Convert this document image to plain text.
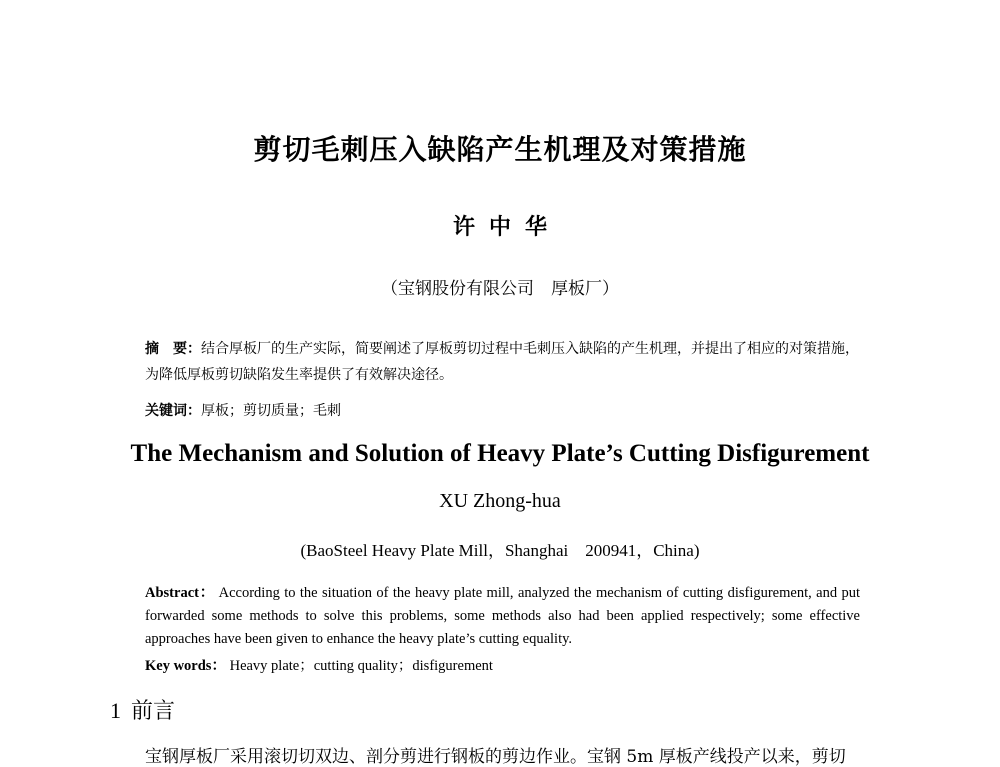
剪切毛刺压入缺陷产生机理及对策措施
许中华
（宝钢股份有限公司　厚板厂）
摘　要：结合厚板厂的生产实际，简要阐述了厚板剪切过程中毛刺压入缺陷的产生机理，并提出了相应的对策措施，为降低厚板剪切缺陷发生率提供了有效解决途径。
关键词：厚板；剪切质量；毛刺
The Mechanism and Solution of Heavy Plate’s Cutting Disfigurement
XU Zhong-hua
(BaoSteel Heavy Plate Mill，Shanghai　200941，China)
Abstract： According to the situation of the heavy plate mill, analyzed the mechanism of cutting disfigurement, and put forwarded some methods to solve this problems, some methods also had been applied respectively; some effective approaches have been given to enhance the heavy plate’s cutting equality.
Key words： Heavy plate；cutting quality；disfigurement
1 前言
宝钢厚板厂采用滚切切双边、剖分剪进行钢板的剪边作业。宝钢 5m 厚板产线投产以来，剪切
